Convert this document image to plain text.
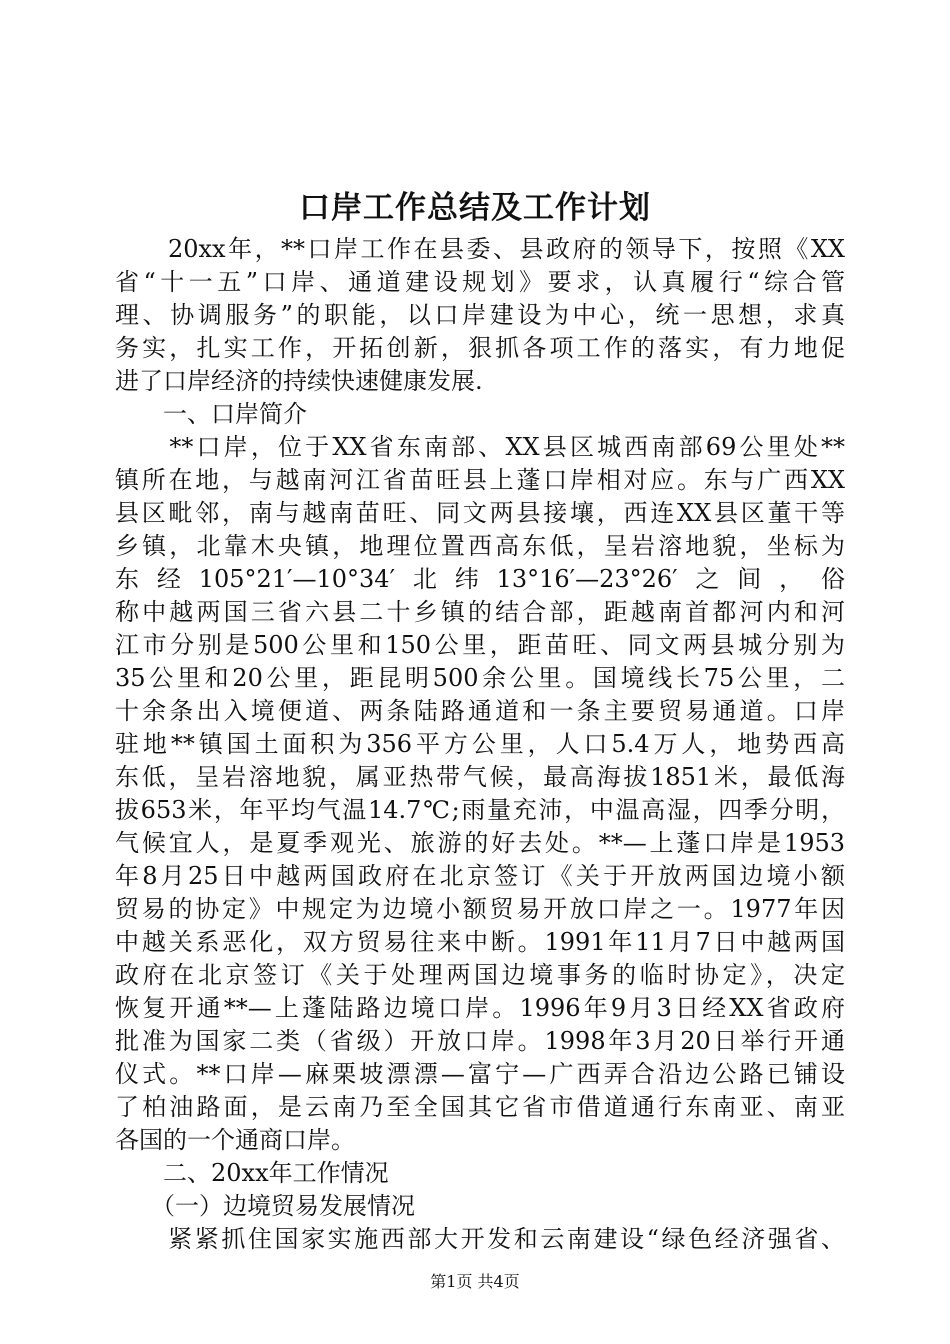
口岸工作总结及工作计划
　　20xx年，**口岸工作在县委、县政府的领导下，按照《XX
省“十一五”口岸、通道建设规划》要求，认真履行“综合管
理、协调服务”的职能，以口岸建设为中心，统一思想，求真
务实，扎实工作，开拓创新，狠抓各项工作的落实，有力地促
进了口岸经济的持续快速健康发展.
　　一、口岸简介
　　**口岸，位于XX省东南部、XX县区城西南部69公里处**
镇所在地，与越南河江省苗旺县上蓬口岸相对应。东与广西XX
县区毗邻，南与越南苗旺、同文两县接壤，西连XX县区董干等
乡镇，北靠木央镇，地理位置西高东低，呈岩溶地貌，坐标为
东经105°21′—10°34′北纬13°16′—23°26′之间，俗
称中越两国三省六县二十乡镇的结合部，距越南首都河内和河
江市分别是500公里和150公里，距苗旺、同文两县城分别为
35公里和20公里，距昆明500余公里。国境线长75公里，二
十余条出入境便道、两条陆路通道和一条主要贸易通道。口岸
驻地**镇国土面积为356平方公里，人口5.4万人，地势西高
东低，呈岩溶地貌，属亚热带气候，最高海拔1851米，最低海
拔653米，年平均气温14.7℃;雨量充沛，中温高湿，四季分明，
气候宜人，是夏季观光、旅游的好去处。**—上蓬口岸是1953
年8月25日中越两国政府在北京签订《关于开放两国边境小额
贸易的协定》中规定为边境小额贸易开放口岸之一。1977年因
中越关系恶化，双方贸易往来中断。1991年11月7日中越两国
政府在北京签订《关于处理两国边境事务的临时协定》，决定
恢复开通**—上蓬陆路边境口岸。1996年9月3日经XX省政府
批准为国家二类（省级）开放口岸。1998年3月20日举行开通
仪式。**口岸—麻栗坡漂漂—富宁—广西弄合沿边公路已铺设
了柏油路面，是云南乃至全国其它省市借道通行东南亚、南亚
各国的一个通商口岸。
　　二、20xx年工作情况
　　（一）边境贸易发展情况
　　紧紧抓住国家实施西部大开发和云南建设“绿色经济强省、
第1页 共4页
